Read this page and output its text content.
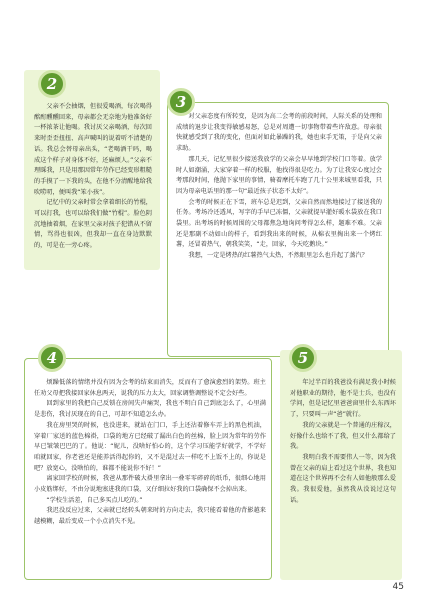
2

父亲不会抽烟，但很爱喝酒，每次喝得酩酊醺醺回来，母亲都会无奈地为他准备好一杯浓茶让他喝。我讨厌父亲喝酒，每次回来时歪歪扭扭、高声喊叫的说着听不清楚的话。我总会替母亲出头，“老喝酒干吗，喝成这个样子对身体不好，还麻烦人。”父亲不理睬我，只是用那因常年劳作已经变形粗糙的手摸了一下我的头，在他不分清醒地给我吹唠叨，便叫我“笨小孩”。

记忆中的父亲时常会拿着细长的竹棍，可以打我，也可以给我们做“竹棍”。脸色阴沉地抽着烟，在家里父亲对孩子犯错从不留情，骂得也很凶，但我却一直在身边默默的，可是在一旁心疼。

3

对父亲态度有所转变，是因为高二会考的前段时间，人际关系的处理和成绩的退步让我变得敏感易怒，总是对周遭一切事物带着些许敌意。母亲很快就感受到了我的变化，但面对如此暴躁的我，她也束手无策，于是向父亲求助。

那几天，记忆里很少接送我放学的父亲会早早地到学校门口等着。放学时人如潮涌，大家穿着一样的校服，他找得很是吃力。为了让我安心度过会考那段时间，他抛下家里的事情，骑着摩托车跑了几十公里来城里看我，只因为母亲电话里的那一句“最近孩子状态不太好”。

会考的时候正在下雪，班车总是迟到，父亲自然而然地接过了接送我的任务。考场冷还透风，写字的手早已冻僵，父亲就提早灌好暖水袋放在我口袋里。出考场的时候周围的父母都焦急地询问考得怎么样，题难不难。父亲还是那副不动如山的样子，看到我出来的时候，从棉衣里掏出来一个烤红薯，还冒着热气，朝我笑笑，“走，回家，今天吃鹅块。”

我想，一定是烤热的红薯热气太热，不然眼里怎么也升起了蒸汽？

4

烦躁低落的情绪并没有因为会考的结束而消失，反而有了愈演愈烈的架势。班主任劝父母把我接回家休息两天，说我的压力太大，回家调整调整说不定会好些。

回到家里的我把自己反锁在房间失声痛哭，我也不明白自己到底怎么了，心里满是悲伤，我讨厌现在的自己，可却不知道怎么办。

我在房里哭的时候，也没进来，就站在门口，手上还沾着修车弄上的黑色机油，穿着厂家送的蓝色棉褂，口袋的地方已经破了漏出白色的丝棉，脸上因为常年的劳作早已皱皱巴巴的了。他说：“妮儿，没啥好怕心的，这个学习压能学好就学，不学好咱就回家，你老爸还是能养活得起你的，又不是混过去一样吃不上饭不上的，你说是吧？放宽心，没啥怕的，谁都不能说你不好！”

离家回学校的时候，我爸从那件破大褂里拿出一叠零零碎碎的纸币，很细心地用小皮筋绑好，不由分说地塞进我的口袋，又仔细拉好我的口袋确保不会掉出来。

“学校生活差，自己多买点儿吃的。”

我迟没反应过来，父亲就已经转头朝来时的方向走去，我只能看着他的背影越来越模糊，最后变成一个小点消失不见。

5

年过半百的我爸没有满足我小时候对他职业的期待，他不是士兵，也没有学问，但是记忆里爸爸窗里什么东西坏了，只要叫一声“爸”就行。

我的父亲就是一个普通的庄稼汉，好像什么也给不了我，但又什么都给了我。

我明白我不需要伟人一等，因为我曾在父亲的肩上看过这个世界，我也知道在这个世界再不会有人如他般那么爱我。我很爱他，虽然我从没说过这句话。

45
